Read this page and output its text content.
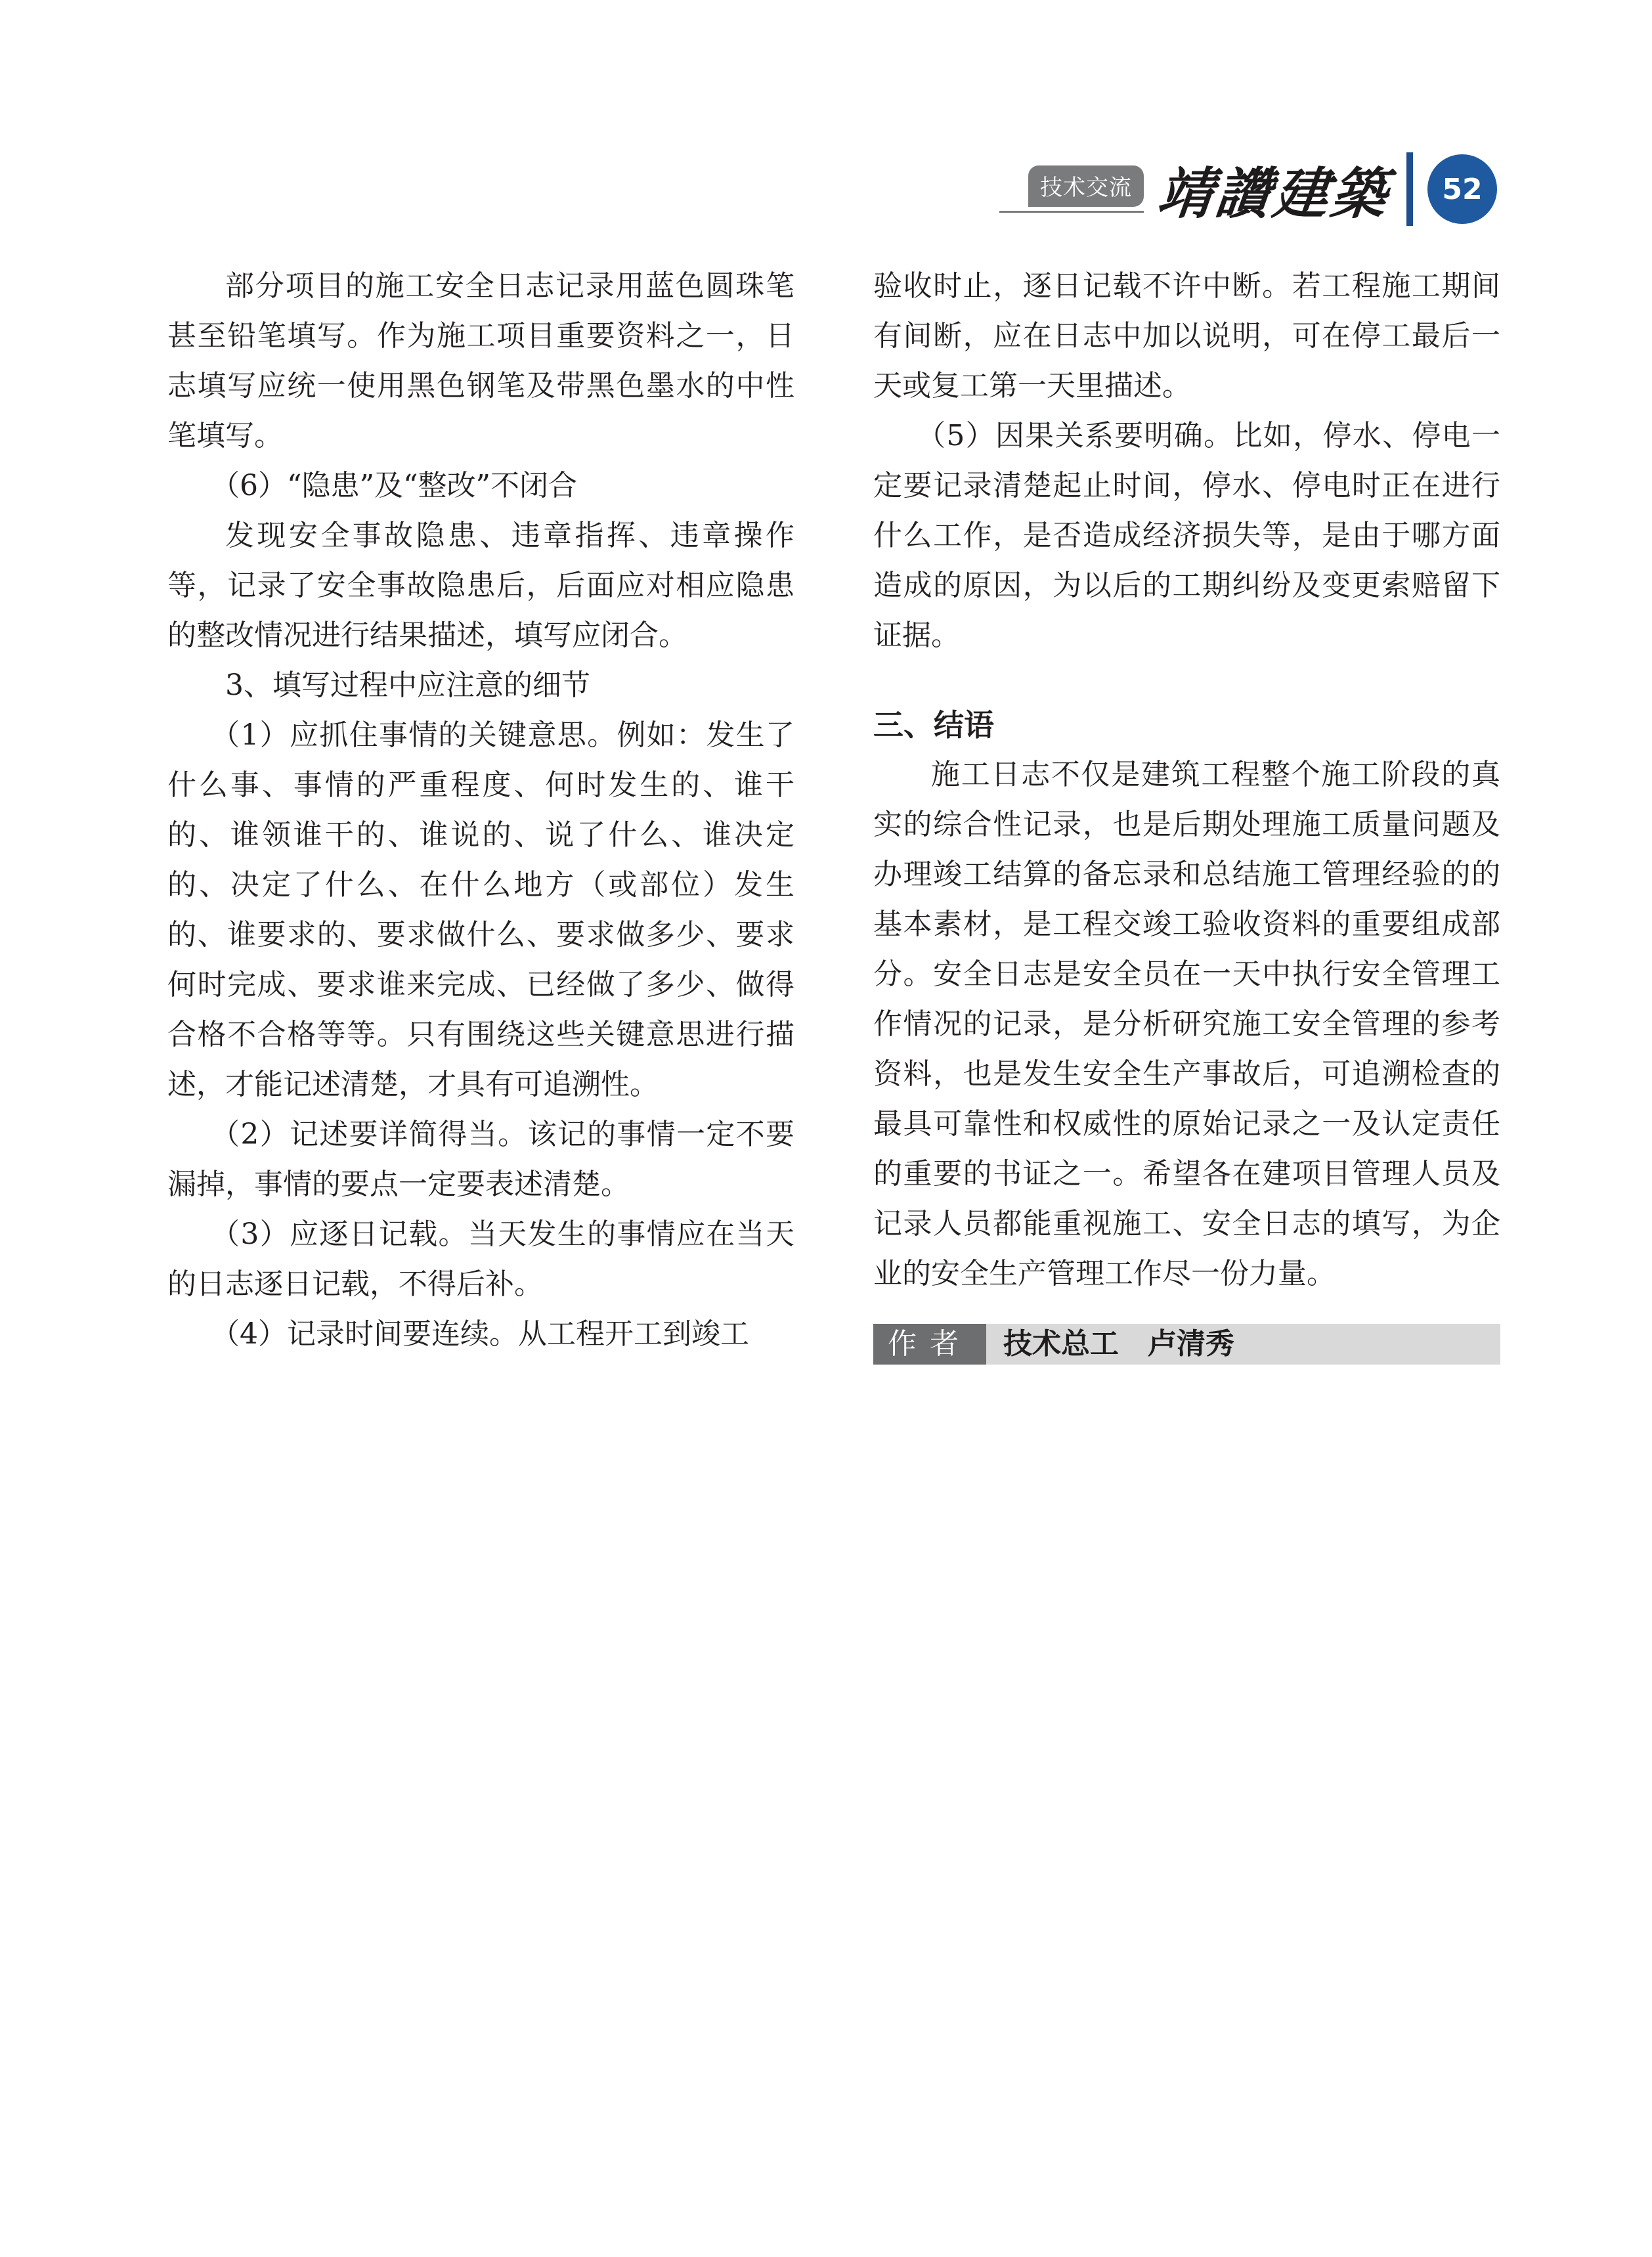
技术交流 靖讚建築	52

部分项目的施工安全日志记录用蓝色圆珠笔甚至铅笔填写。作为施工项目重要资料之一，日志填写应统一使用黑色钢笔及带黑色墨水的中性笔填写。

（6）“隐患”及“整改”不闭合

发现安全事故隐患、违章指挥、违章操作等，记录了安全事故隐患后，后面应对相应隐患的整改情况进行结果描述，填写应闭合。

3、填写过程中应注意的细节

（1）应抓住事情的关键意思。例如：发生了什么事、事情的严重程度、何时发生的、谁干的、谁领谁干的、谁说的、说了什么、谁决定的、决定了什么、在什么地方（或部位）发生的、谁要求的、要求做什么、要求做多少、要求何时完成、要求谁来完成、已经做了多少、做得合格不合格等等。只有围绕这些关键意思进行描述，才能记述清楚，才具有可追溯性。

（2）记述要详简得当。该记的事情一定不要漏掉，事情的要点一定要表述清楚。

（3）应逐日记载。当天发生的事情应在当天的日志逐日记载，不得后补。

（4）记录时间要连续。从工程开工到竣工

验收时止，逐日记载不许中断。若工程施工期间有间断，应在日志中加以说明，可在停工最后一天或复工第一天里描述。

（5）因果关系要明确。比如，停水、停电一定要记录清楚起止时间，停水、停电时正在进行什么工作，是否造成经济损失等，是由于哪方面造成的原因，为以后的工期纠纷及变更索赔留下证据。

三、结语

施工日志不仅是建筑工程整个施工阶段的真实的综合性记录，也是后期处理施工质量问题及办理竣工结算的备忘录和总结施工管理经验的的基本素材，是工程交竣工验收资料的重要组成部分。安全日志是安全员在一天中执行安全管理工作情况的记录，是分析研究施工安全管理的参考资料，也是发生安全生产事故后，可追溯检查的最具可靠性和权威性的原始记录之一及认定责任的重要的书证之一。希望各在建项目管理人员及记录人员都能重视施工、安全日志的填写，为企业的安全生产管理工作尽一份力量。

作者	技术总工　卢清秀
